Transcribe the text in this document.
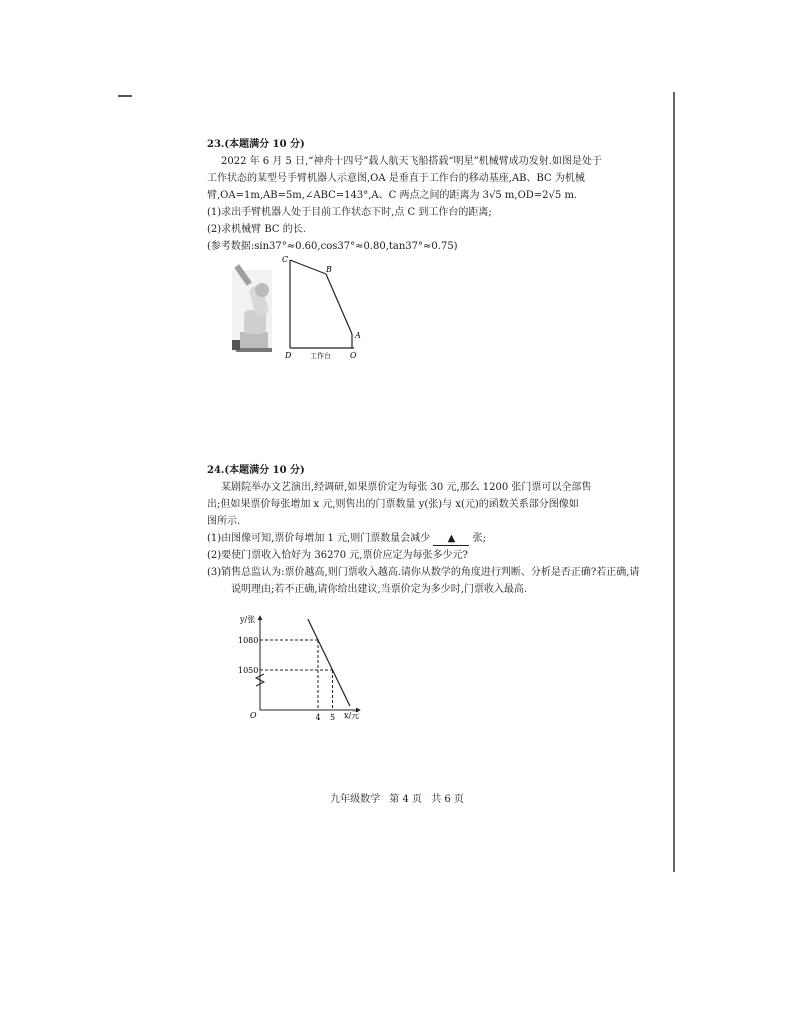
23.(本题满分 10 分)

2022 年 6 月 5 日,“神舟十四号”载人航天飞船搭载“明星”机械臂成功发射.如图是处于

工作状态的某型号手臂机器人示意图,OA 是垂直于工作台的移动基座,AB、BC 为机械

臂,OA=1m,AB=5m,∠ABC=143°,A、C 两点之间的距离为 3√5 m,OD=2√5 m.

(1)求出手臂机器人处于目前工作状态下时,点 C 到工作台的距离;

(2)求机械臂 BC 的长.

(参考数据:sin37°≈0.60,cos37°≈0.80,tan37°≈0.75)

C
B
A
D	O
工作台

24.(本题满分 10 分)

某剧院举办文艺演出,经调研,如果票价定为每张 30 元,那么 1200 张门票可以全部售

出;但如果票价每张增加 x 元,则售出的门票数量 y(张)与 x(元)的函数关系部分图像如

图所示.

(1)由图像可知,票价每增加 1 元,则门票数量会减少 ▲ 张;

(2)要使门票收入恰好为 36270 元,票价应定为每张多少元?

(3)销售总监认为:票价越高,则门票收入越高.请你从数学的角度进行判断、分析是否正确?若正确,请说明理由;若不正确,请你给出建议,当票价定为多少时,门票收入最高.

y/张
x/元
O
1080
1050
4 5
九年级数学 第 4 页 共 6 页
